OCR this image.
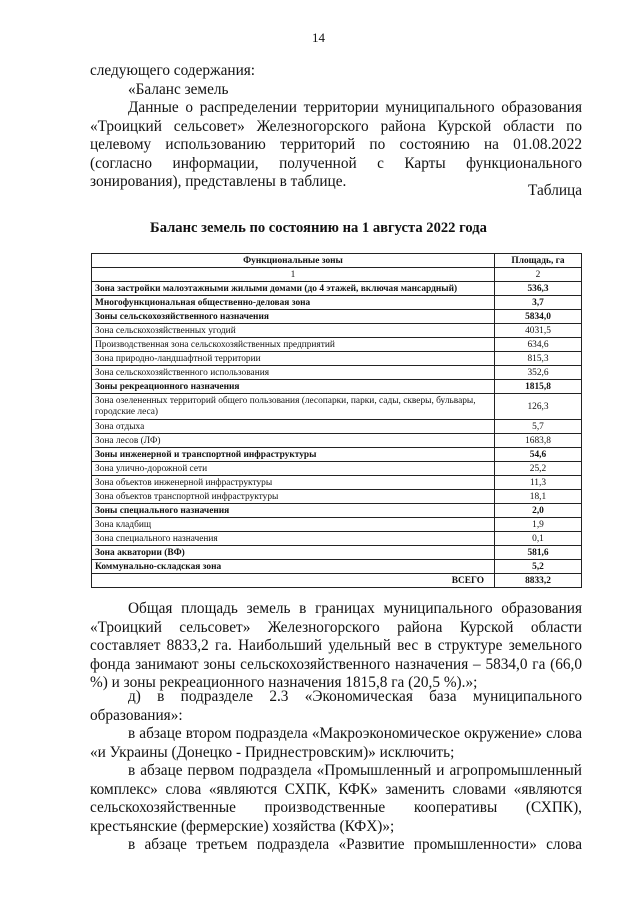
14

следующего содержания:

«Баланс земель

Данные о распределении территории муниципального образования «Троицкий сельсовет» Железногорского района Курской области по целевому использованию территорий по состоянию на 01.08.2022 (согласно информации, полученной с Карты функционального зонирования), представлены в таблице.

Таблица
Баланс земель по состоянию на 1 августа 2022 года
Функциональные зоны	Площадь, га
1	2
Зона застройки малоэтажными жилыми домами (до 4 этажей, включая мансардный)	536,3
Многофункциональная общественно-деловая зона	3,7
Зоны сельскохозяйственного назначения	5834,0
Зона сельскохозяйственных угодий	4031,5
Производственная зона сельскохозяйственных предприятий	634,6
Зона природно-ландшафтной территории	815,3
Зона сельскохозяйственного использования	352,6
Зоны рекреационного назначения	1815,8
Зона озелененных территорий общего пользования (лесопарки, парки, сады, скверы, бульвары, городские леса)	126,3
Зона отдыха	5,7
Зона лесов (ЛФ)	1683,8
Зоны инженерной и транспортной инфраструктуры	54,6
Зона улично-дорожной сети	25,2
Зона объектов инженерной инфраструктуры	11,3
Зона объектов транспортной инфраструктуры	18,1
Зоны специального назначения	2,0
Зона кладбищ	1,9
Зона специального назначения	0,1
Зона акватории (ВФ)	581,6
Коммунально-складская зона	5,2
ВСЕГО	8833,2

Общая площадь земель в границах муниципального образования «Троицкий сельсовет» Железногорского района Курской области составляет 8833,2 га. Наибольший удельный вес в структуре земельного фонда занимают зоны сельскохозяйственного назначения – 5834,0 га (66,0 %) и зоны рекреационного назначения 1815,8 га (20,5 %).»;

д) в подразделе 2.3 «Экономическая база муниципального образования»:

в абзаце втором подраздела «Макроэкономическое окружение» слова «и Украины (Донецко - Приднестровским)» исключить;

в абзаце первом подраздела «Промышленный и агропромышленный комплекс» слова «являются СХПК, КФК» заменить словами «являются сельскохозяйственные производственные кооперативы (СХПК), крестьянские (фермерские) хозяйства (КФХ)»;

в абзаце третьем подраздела «Развитие промышленности» слова
